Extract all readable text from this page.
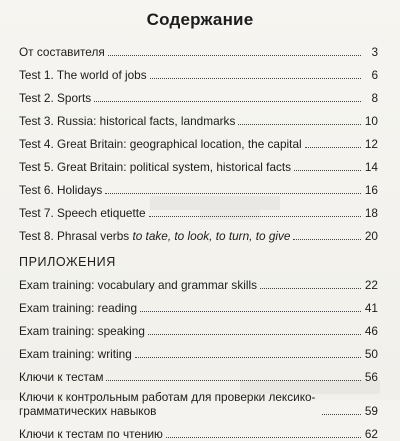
Содержание
От составителя	3
Test 1. The world of jobs	6
Test 2. Sports	8
Test 3. Russia: historical facts, landmarks	10
Test 4. Great Britain: geographical location, the capital	12
Test 5. Great Britain: political system, historical facts	14
Test 6. Holidays	16
Test 7. Speech etiquette	18
Test 8. Phrasal verbs to take, to look, to turn, to give	20
ПРИЛОЖЕНИЯ
Exam training: vocabulary and grammar skills	22
Exam training: reading	41
Exam training: speaking	46
Exam training: writing	50
Ключи к тестам	56
Ключи к контрольным работам для проверки лексико-грамматических навыков	59
Ключи к тестам по чтению	62
